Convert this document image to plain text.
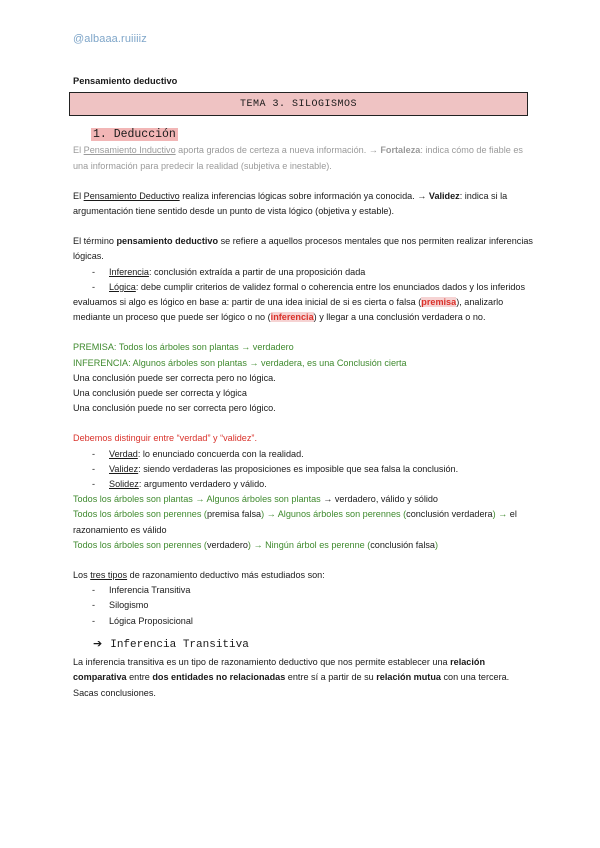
@albaaa.ruiiiiz

Pensamiento deductivo

TEMA 3. SILOGISMOS
1. Deducción

El Pensamiento Inductivo aporta grados de certeza a nueva información. → Fortaleza: indica cómo de fiable es una información para predecir la realidad (subjetiva e inestable).

El Pensamiento Deductivo realiza inferencias lógicas sobre información ya conocida. → Validez: indica si la argumentación tiene sentido desde un punto de vista lógico (objetiva y estable).

El término pensamiento deductivo se refiere a aquellos procesos mentales que nos permiten realizar inferencias lógicas.

- Inferencia: conclusión extraída a partir de una proposición dada
- Lógica: debe cumplir criterios de validez formal o coherencia entre los enunciados dados y los inferidos

evaluamos si algo es lógico en base a: partir de una idea inicial de si es cierta o falsa (premisa), analizarlo mediante un proceso que puede ser lógico o no (inferencia) y llegar a una conclusión verdadera o no.

PREMISA: Todos los árboles son plantas → verdadero

INFERENCIA: Algunos árboles son plantas → verdadera, es una Conclusión cierta

Una conclusión puede ser correcta pero no lógica.

Una conclusión puede ser correcta y lógica

Una conclusión puede no ser correcta pero lógico.

Debemos distinguir entre “verdad” y “validez”.

- Verdad: lo enunciado concuerda con la realidad.
- Validez: siendo verdaderas las proposiciones es imposible que sea falsa la conclusión.
- Solidez: argumento verdadero y válido.

Todos los árboles son plantas → Algunos árboles son plantas → verdadero, válido y sólido

Todos los árboles son perennes (premisa falsa) → Algunos árboles son perennes (conclusión verdadera) → el razonamiento es válido

Todos los árboles son perennes (verdadero) → Ningún árbol es perenne (conclusión falsa)

Los tres tipos de razonamiento deductivo más estudiados son:

- Inferencia Transitiva
- Silogismo
- Lógica Proposicional
➔ Inferencia Transitiva

La inferencia transitiva es un tipo de razonamiento deductivo que nos permite establecer una relación comparativa entre dos entidades no relacionadas entre sí a partir de su relación mutua con una tercera. Sacas conclusiones.
